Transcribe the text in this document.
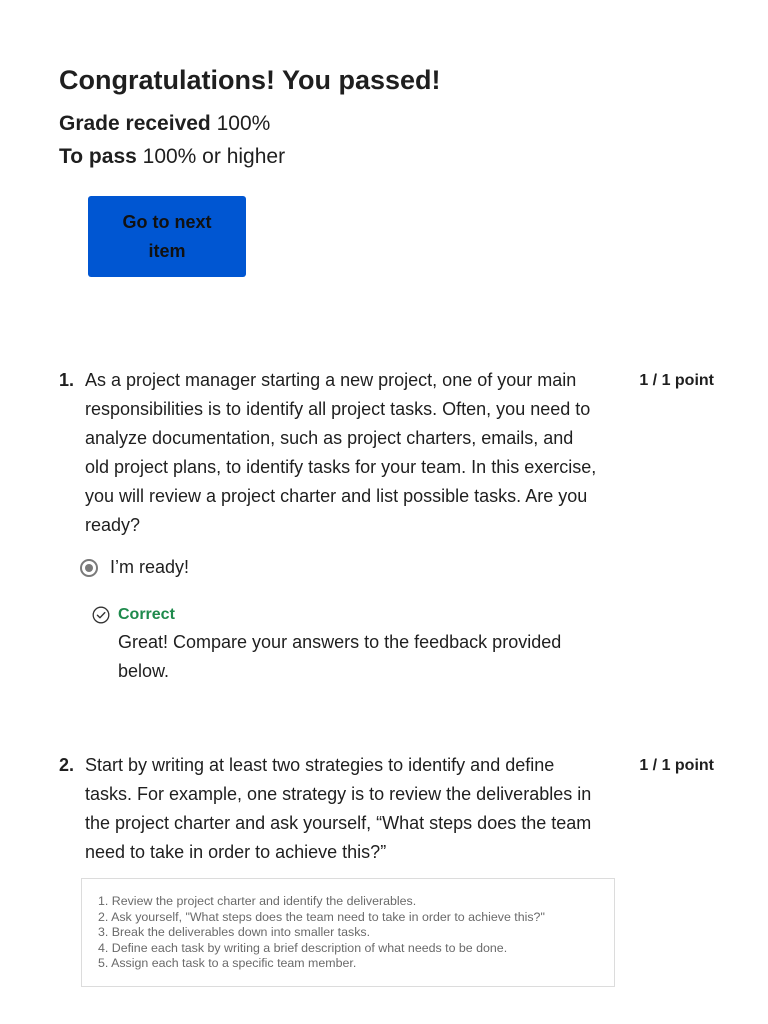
Congratulations! You passed!

Grade received 100%

To pass 100% or higher

Go to next item
1. As a project manager starting a new project, one of your main responsibilities is to identify all project tasks. Often, you need to analyze documentation, such as project charters, emails, and old project plans, to identify tasks for your team. In this exercise, you will review a project charter and list possible tasks. Are you ready?

1 / 1 point
I’m ready!
Correct

Great! Compare your answers to the feedback provided below.

2. Start by writing at least two strategies to identify and define tasks. For example, one strategy is to review the deliverables in the project charter and ask yourself, “What steps does the team need to take in order to achieve this?”

1 / 1 point
1. Review the project charter and identify the deliverables.
2. Ask yourself, "What steps does the team need to take in order to achieve this?"
3. Break the deliverables down into smaller tasks.
4. Define each task by writing a brief description of what needs to be done.
5. Assign each task to a specific team member.
